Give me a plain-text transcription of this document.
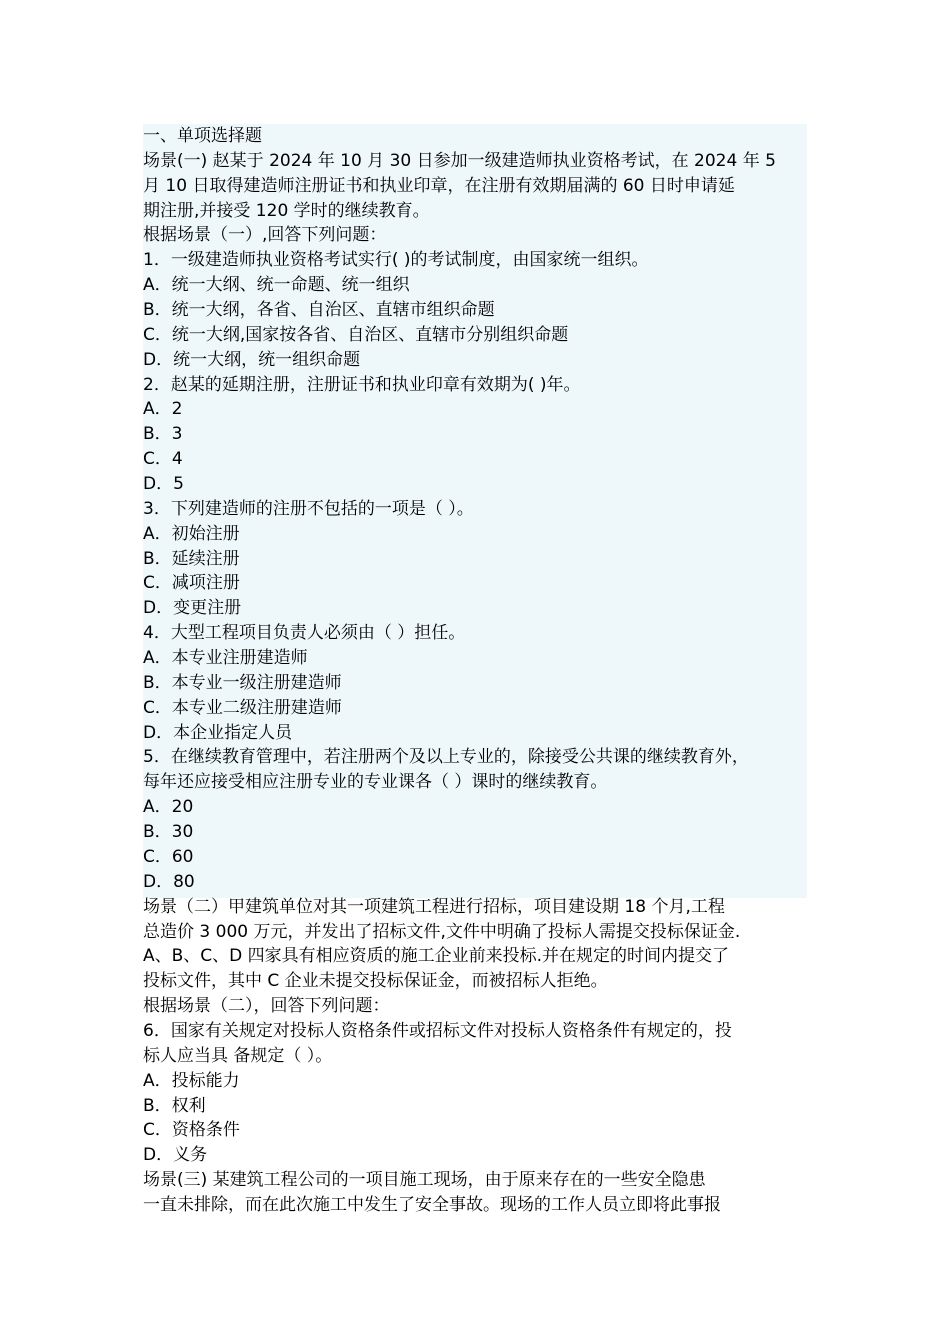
一、单项选择题
场景(一) 赵某于 2024 年 10 月 30 日参加一级建造师执业资格考试，在 2024 年 5
月 10 日取得建造师注册证书和执业印章，在注册有效期届满的 60 日时申请延
期注册,并接受 120 学时的继续教育。
根据场景（一）,回答下列问题：
1．一级建造师执业资格考试实行( )的考试制度，由国家统一组织。
A．统一大纲、统一命题、统一组织
B．统一大纲，各省、自治区、直辖市组织命题
C．统一大纲,国家按各省、自治区、直辖市分别组织命题
D．统一大纲，统一组织命题
2．赵某的延期注册，注册证书和执业印章有效期为( )年。
A．2
B．3
C．4
D．5
3．下列建造师的注册不包括的一项是（ ）。
A．初始注册
B．延续注册
C．减项注册
D．变更注册
4．大型工程项目负责人必须由（ ）担任。
A．本专业注册建造师
B．本专业一级注册建造师
C．本专业二级注册建造师
D．本企业指定人员
5．在继续教育管理中，若注册两个及以上专业的，除接受公共课的继续教育外，
每年还应接受相应注册专业的专业课各（ ）课时的继续教育。
A．20
B．30
C．60
D．80
场景（二）甲建筑单位对其一项建筑工程进行招标，项目建设期 18 个月,工程
总造价 3 000 万元，并发出了招标文件,文件中明确了投标人需提交投标保证金.
A、B、C、D 四家具有相应资质的施工企业前来投标.并在规定的时间内提交了
投标文件，其中 C 企业未提交投标保证金，而被招标人拒绝。
根据场景（二），回答下列问题：
6．国家有关规定对投标人资格条件或招标文件对投标人资格条件有规定的，投
标人应当具 备规定（ ）。
A．投标能力
B．权利
C．资格条件
D．义务
场景(三) 某建筑工程公司的一项目施工现场，由于原来存在的一些安全隐患
一直未排除，而在此次施工中发生了安全事故。现场的工作人员立即将此事报
